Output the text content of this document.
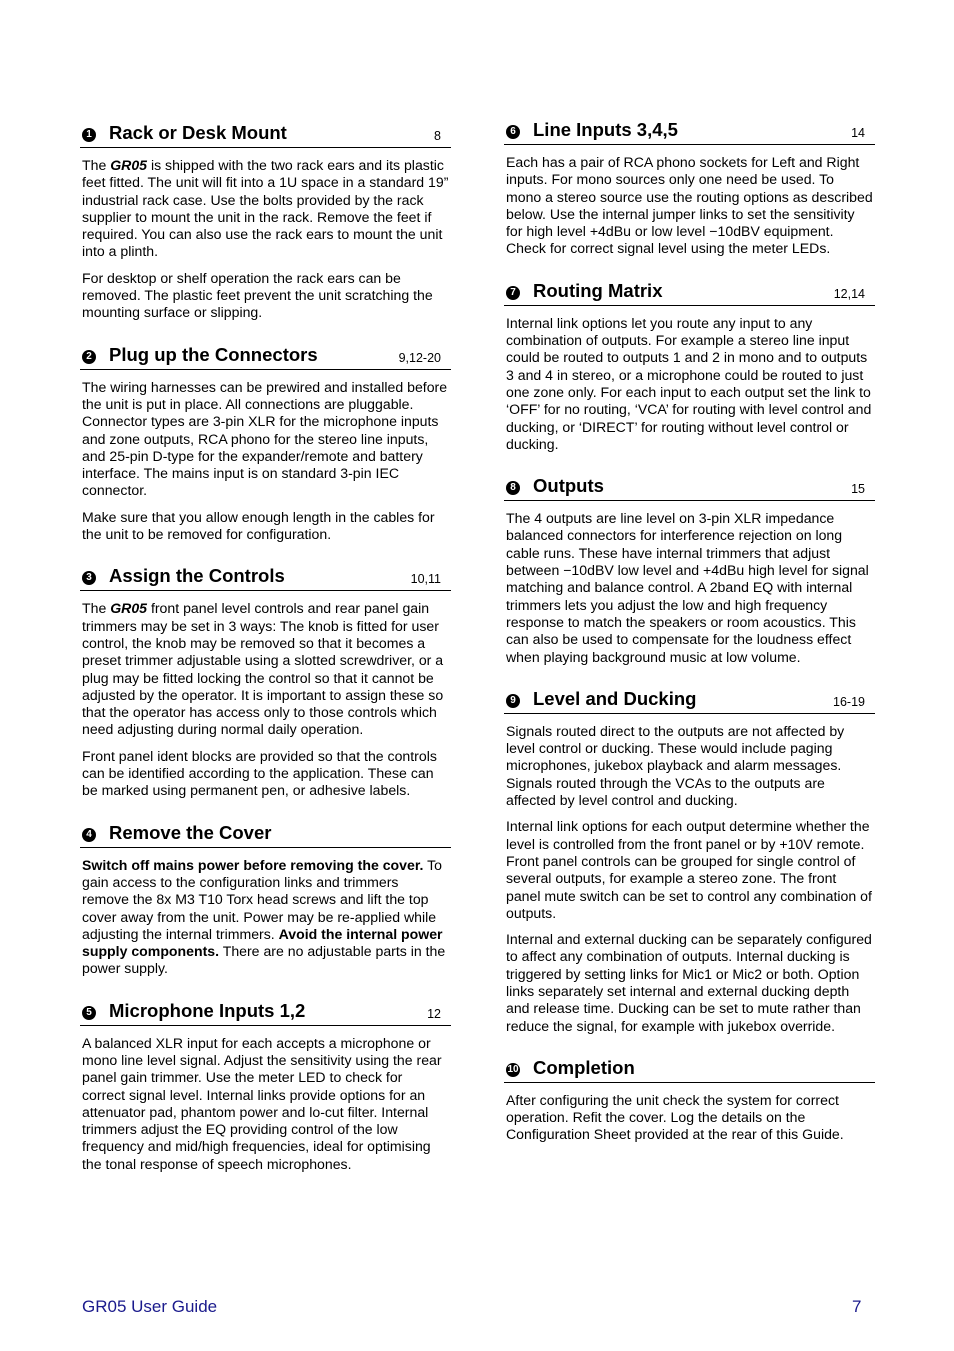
1 Rack or Desk Mount	8

The GR05 is shipped with the two rack ears and its plastic feet fitted. The unit will fit into a 1U space in a standard 19” industrial rack case. Use the bolts provided by the rack supplier to mount the unit in the rack. Remove the feet if required. You can also use the rack ears to mount the unit into a plinth.

For desktop or shelf operation the rack ears can be removed. The plastic feet prevent the unit scratching the mounting surface or slipping.

2 Plug up the Connectors	9,12-20

The wiring harnesses can be prewired and installed before the unit is put in place. All connections are pluggable. Connector types are 3-pin XLR for the microphone inputs and zone outputs, RCA phono for the stereo line inputs, and 25-pin D-type for the expander/remote and battery interface. The mains input is on standard 3-pin IEC connector.

Make sure that you allow enough length in the cables for the unit to be removed for configuration.

3 Assign the Controls	10,11

The GR05 front panel level controls and rear panel gain trimmers may be set in 3 ways: The knob is fitted for user control, the knob may be removed so that it becomes a preset trimmer adjustable using a slotted screwdriver, or a plug may be fitted locking the control so that it cannot be adjusted by the operator. It is important to assign these so that the operator has access only to those controls which need adjusting during normal daily operation.

Front panel ident blocks are provided so that the controls can be identified according to the application. These can be marked using permanent pen, or adhesive labels.

4 Remove the Cover

Switch off mains power before removing the cover. To gain access to the configuration links and trimmers remove the 8x M3 T10 Torx head screws and lift the top cover away from the unit. Power may be re-applied while adjusting the internal trimmers. Avoid the internal power supply components. There are no adjustable parts in the power supply.

5 Microphone Inputs 1,2	12

A balanced XLR input for each accepts a microphone or mono line level signal. Adjust the sensitivity using the rear panel gain trimmer. Use the meter LED to check for correct signal level. Internal links provide options for an attenuator pad, phantom power and lo-cut filter. Internal trimmers adjust the EQ providing control of the low frequency and mid/high frequencies, ideal for optimising the tonal response of speech microphones.

6 Line Inputs 3,4,5	14

Each has a pair of RCA phono sockets for Left and Right inputs. For mono sources only one need be used. To mono a stereo source use the routing options as described below. Use the internal jumper links to set the sensitivity for high level +4dBu or low level −10dBV equipment. Check for correct signal level using the meter LEDs.

7 Routing Matrix	12,14

Internal link options let you route any input to any combination of outputs. For example a stereo line input could be routed to outputs 1 and 2 in mono and to outputs 3 and 4 in stereo, or a microphone could be routed to just one zone only. For each input to each output set the link to ‘OFF’ for no routing, ‘VCA’ for routing with level control and ducking, or ‘DIRECT’ for routing without level control or ducking.

8 Outputs	15

The 4 outputs are line level on 3-pin XLR impedance balanced connectors for interference rejection on long cable runs. These have internal trimmers that adjust between −10dBV low level and +4dBu high level for signal matching and balance control. A 2band EQ with internal trimmers lets you adjust the low and high frequency response to match the speakers or room acoustics. This can also be used to compensate for the loudness effect when playing background music at low volume.

9 Level and Ducking	16-19

Signals routed direct to the outputs are not affected by level control or ducking. These would include paging microphones, jukebox playback and alarm messages. Signals routed through the VCAs to the outputs are affected by level control and ducking.

Internal link options for each output determine whether the level is controlled from the front panel or by +10V remote. Front panel controls can be grouped for single control of several outputs, for example a stereo zone. The front panel mute switch can be set to control any combination of outputs.

Internal and external ducking can be separately configured to affect any combination of outputs. Internal ducking is triggered by setting links for Mic1 or Mic2 or both. Option links separately set internal and external ducking depth and release time. Ducking can be set to mute rather than reduce the signal, for example with jukebox override.

10 Completion

After configuring the unit check the system for correct operation. Refit the cover. Log the details on the Configuration Sheet provided at the rear of this Guide.

GR05 User Guide	7
